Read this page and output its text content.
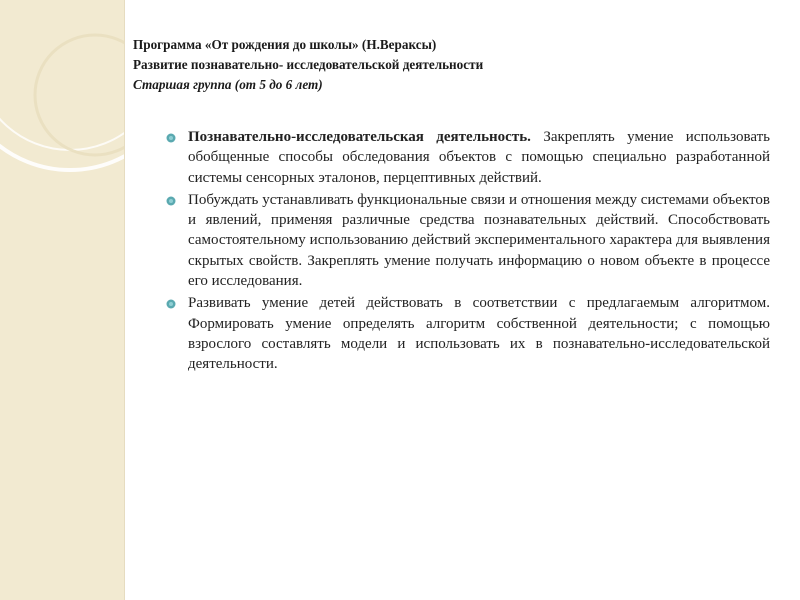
Программа «От рождения до школы» (Н.Вераксы)
Развитие познавательно- исследовательской деятельности
Старшая группа (от 5 до 6 лет)
Познавательно-исследовательская деятельность. Закреплять умение использовать обобщенные способы обследования объектов с помощью специально разработанной системы сенсорных эталонов, перцептивных действий.
Побуждать устанавливать функциональные связи и отношения между системами объектов и явлений, применяя различные средства познавательных действий. Способствовать самостоятельному использованию действий экспериментального характера для выявления скрытых свойств. Закреплять умение получать информацию о новом объекте в процессе его исследования.
Развивать умение детей действовать в соответствии с предлагаемым алгоритмом. Формировать умение определять алгоритм собственной деятельности; с помощью взрослого составлять модели и использовать их в познавательно-исследовательской деятельности.
